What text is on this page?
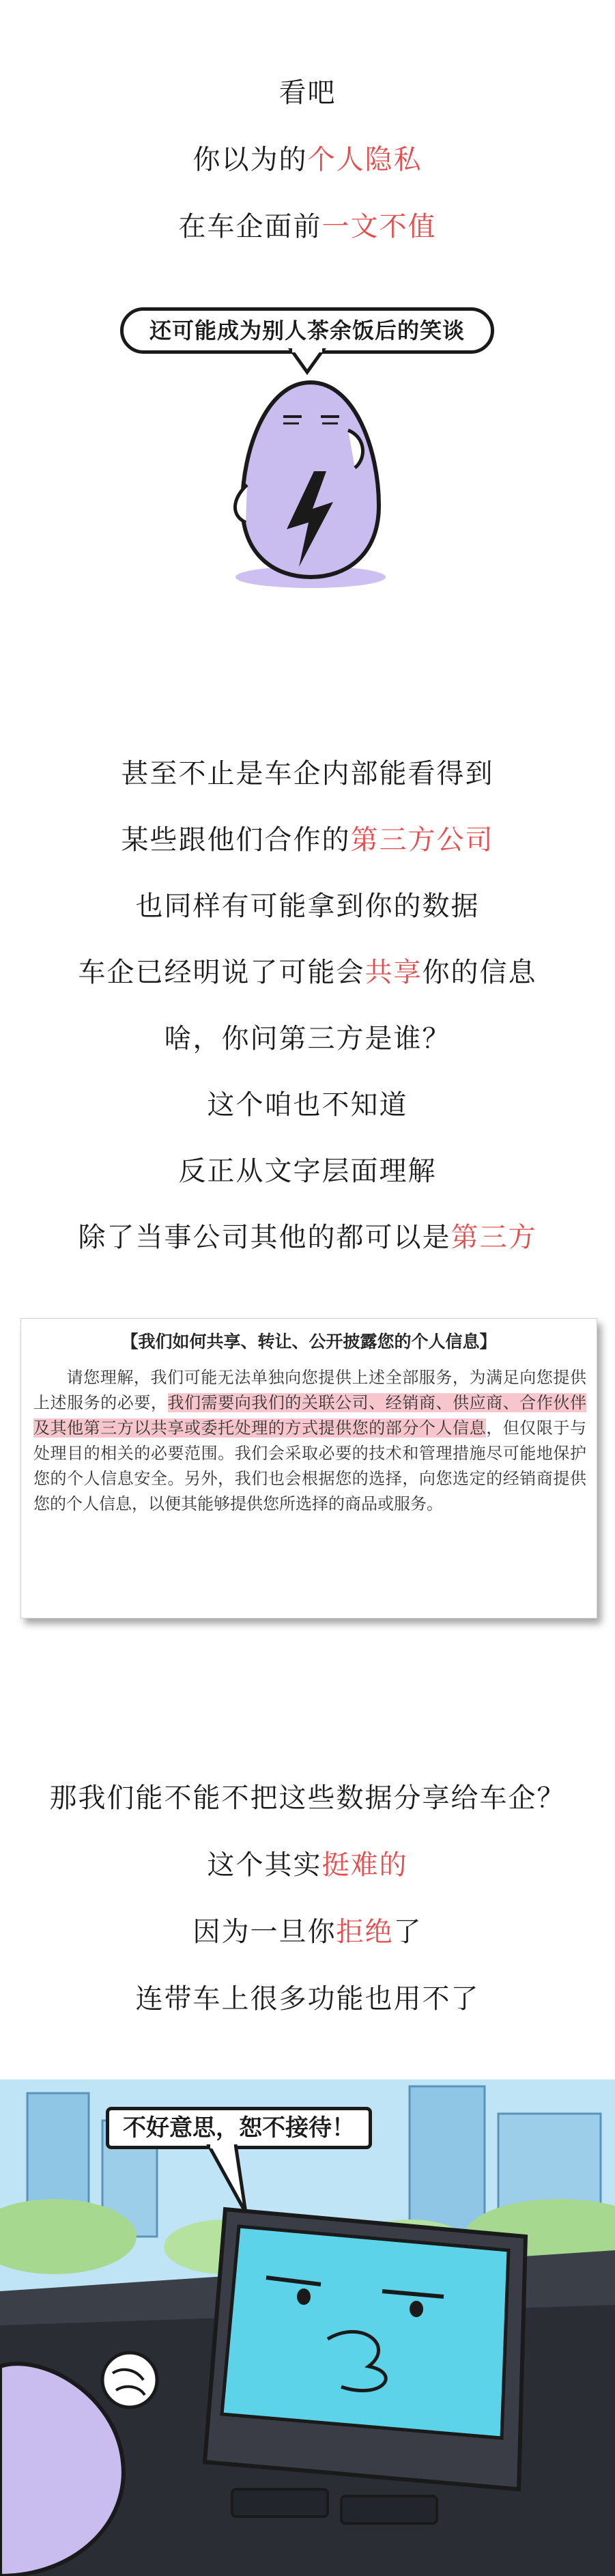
看吧
你以为的个人隐私
在车企面前一文不值
还可能成为别人茶余饭后的笑谈
甚至不止是车企内部能看得到
某些跟他们合作的第三方公司
也同样有可能拿到你的数据
车企已经明说了可能会共享你的信息
啥，你问第三方是谁？
这个咱也不知道
反正从文字层面理解
除了当事公司其他的都可以是第三方
【我们如何共享、转让、公开披露您的个人信息】
  请您理解，我们可能无法单独向您提供上述全部服务，为满足向您提供上述服务的必要，我们需要向我们的关联公司、经销商、供应商、合作伙伴及其他第三方以共享或委托处理的方式提供您的部分个人信息，但仅限于与处理目的相关的必要范围。我们会采取必要的技术和管理措施尽可能地保护您的个人信息安全。另外，我们也会根据您的选择，向您选定的经销商提供您的个人信息，以便其能够提供您所选择的商品或服务。
那我们能不能不把这些数据分享给车企？
这个其实挺难的
因为一旦你拒绝了
连带车上很多功能也用不了
不好意思，恕不接待！
